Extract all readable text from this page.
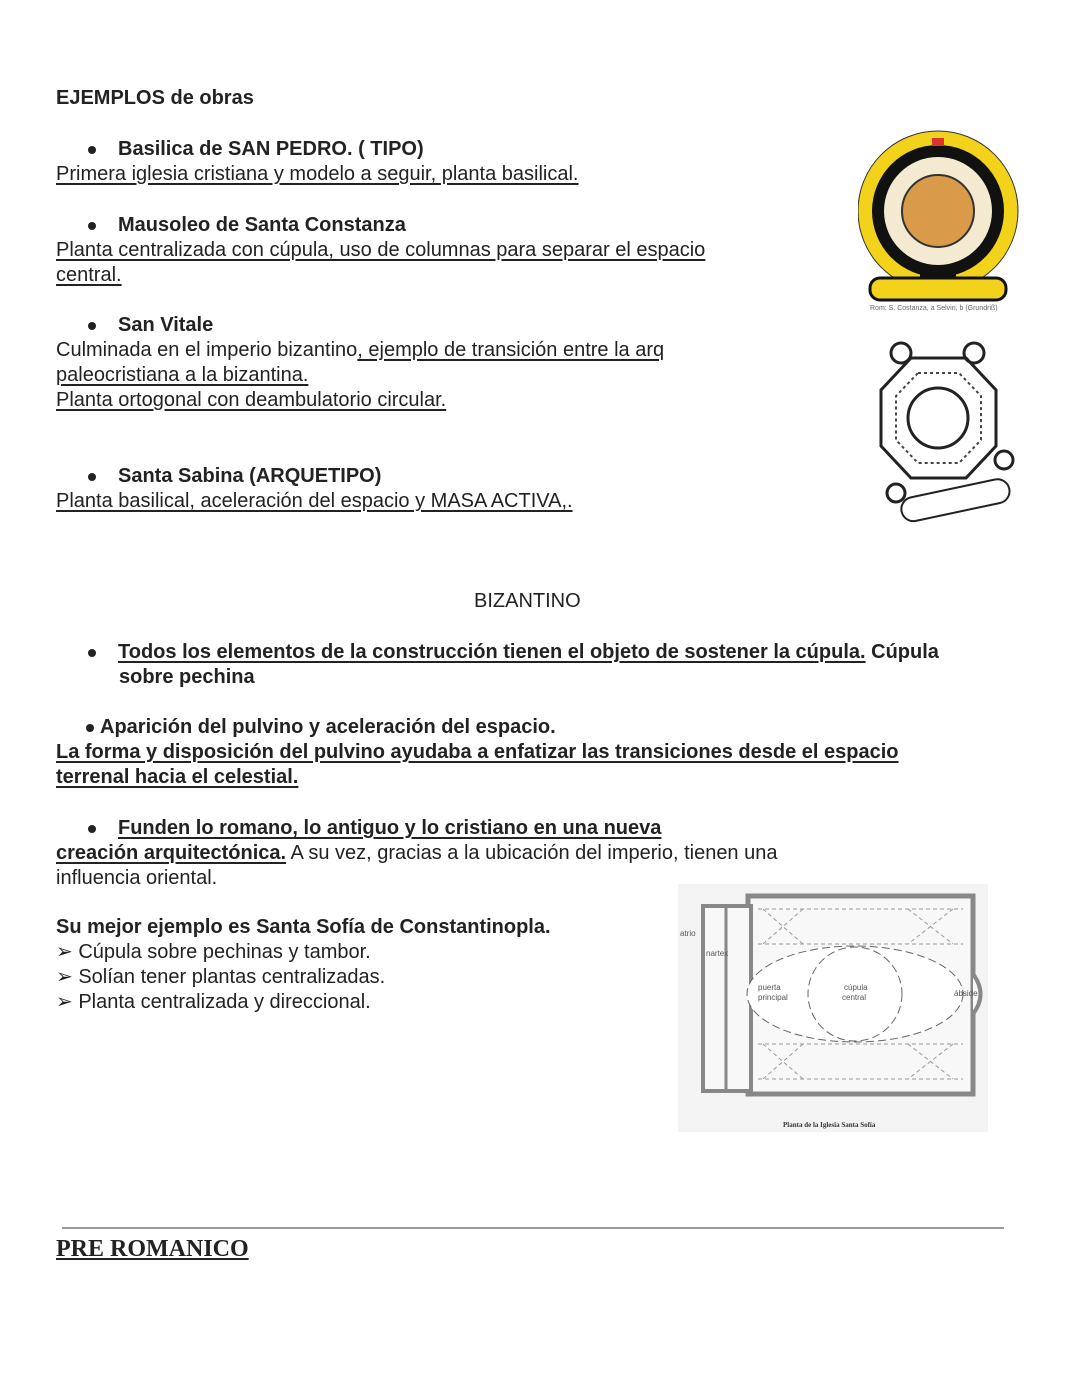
EJEMPLOS de obras
Basilica de SAN PEDRO. ( TIPO)
Primera iglesia cristiana y modelo a seguir, planta basilical.
Mausoleo de Santa Constanza
Planta centralizada con cúpula, uso de columnas para separar el espacio
central.
San Vitale
Culminada en el imperio bizantino, ejemplo de transición entre la arq
paleocristiana a la bizantina.
Planta ortogonal con deambulatorio circular.
Santa Sabina (ARQUETIPO)
Planta basilical, aceleración del espacio y MASA ACTIVA,.
Rom: S. Costanza, a Selvin, b (Grundriß)
BIZANTINO
Todos los elementos de la construcción tienen el objeto de sostener la cúpula. Cúpula
sobre pechina
Aparición del pulvino y aceleración del espacio.
La forma y disposición del pulvino ayudaba a enfatizar las transiciones desde el espacio
terrenal hacia el celestial.
Funden lo romano, lo antiguo y lo cristiano en una nueva
creación arquitectónica. A su vez, gracias a la ubicación del imperio, tienen una
influencia oriental.
Su mejor ejemplo es Santa Sofía de Constantinopla.
➢ Cúpula sobre pechinas y tambor.
➢ Solían tener plantas centralizadas.
➢ Planta centralizada y direccional.
atrio
nartex
puerta
principal
cúpula
central	ábside
Planta de la Iglesia Santa Sofía
PRE ROMANICO
